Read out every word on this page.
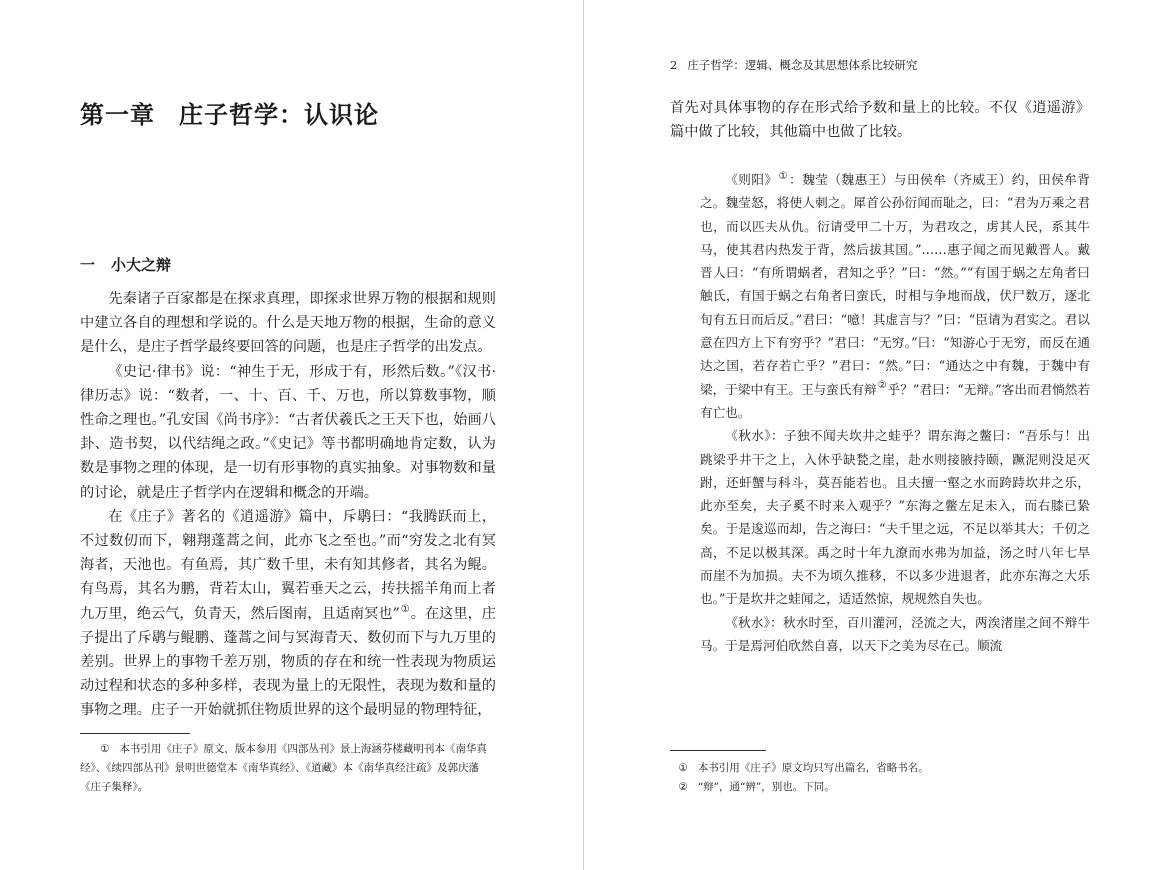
第一章 庄子哲学：认识论
一 小大之辩

先秦诸子百家都是在探求真理，即探求世界万物的根据和规则中建立各自的理想和学说的。什么是天地万物的根据，生命的意义是什么，是庄子哲学最终要回答的问题，也是庄子哲学的出发点。

《史记·律书》说：“神生于无，形成于有，形然后数。”《汉书·律历志》说：“数者，一、十、百、千、万也，所以算数事物，顺性命之理也。”孔安国《尚书序》：“古者伏羲氏之王天下也，始画八卦、造书契，以代结绳之政。”《史记》等书都明确地肯定数，认为数是事物之理的体现，是一切有形事物的真实抽象。对事物数和量的讨论，就是庄子哲学内在逻辑和概念的开端。

在《庄子》著名的《逍遥游》篇中，斥鹖曰：“我腾跃而上，不过数仞而下，翱翔蓬蒿之间，此亦飞之至也。”而“穷发之北有冥海者，天池也。有鱼焉，其广数千里，未有知其修者，其名为鲲。有鸟焉，其名为鹏，背若太山，翼若垂天之云，抟扶摇羊角而上者九万里，绝云气，负青天，然后图南，且适南冥也”①。在这里，庄子提出了斥鹖与鲲鹏、蓬蒿之间与冥海青天、数仞而下与九万里的差别。世界上的事物千差万别，物质的存在和统一性表现为物质运动过程和状态的多种多样，表现为量上的无限性，表现为数和量的事物之理。庄子一开始就抓住物质世界的这个最明显的物理特征，

① 本书引用《庄子》原文，版本参用《四部丛刊》景上海涵芬楼藏明刊本《南华真经》、《续四部丛刊》景明世德堂本《南华真经》、《道藏》本《南华真经注疏》及郭庆藩《庄子集释》。

2 庄子哲学：逻辑、概念及其思想体系比较研究

首先对具体事物的存在形式给予数和量上的比较。不仅《逍遥游》篇中做了比较，其他篇中也做了比较。

《则阳》①：魏莹（魏惠王）与田侯牟（齐威王）约，田侯牟背之。魏莹怒，将使人刺之。犀首公孙衍闻而耻之，曰：“君为万乘之君也，而以匹夫从仇。衍请受甲二十万，为君攻之，虏其人民，系其牛马，使其君内热发于背，然后拔其国。”……惠子闻之而见戴晋人。戴晋人曰：“有所谓蜗者，君知之乎？”曰：“然。”“有国于蜗之左角者曰触氏，有国于蜗之右角者曰蛮氏，时相与争地而战，伏尸数万，逐北旬有五日而后反。”君曰：“噫！其虚言与？”曰：“臣请为君实之。君以意在四方上下有穷乎？”君曰：“无穷。”曰：“知游心于无穷，而反在通达之国，若存若亡乎？”君曰：“然。”曰：“通达之中有魏，于魏中有梁，于梁中有王。王与蛮氏有辩②乎？”君曰：“无辩。”客出而君惝然若有亡也。

《秋水》：子独不闻夫坎井之蛙乎？谓东海之鳖曰：“吾乐与！出跳梁乎井干之上，入休乎缺甃之崖，赴水则接腋持颐，蹶泥则没足灭跗，还虷蟹与科斗，莫吾能若也。且夫擅一壑之水而跨跱坎井之乐，此亦至矣，夫子奚不时来入观乎？”东海之鳖左足未入，而右膝已絷矣。于是逡巡而却，告之海曰：“夫千里之远，不足以举其大；千仞之高，不足以极其深。禹之时十年九潦而水弗为加益，汤之时八年七旱而崖不为加损。夫不为顷久推移，不以多少进退者，此亦东海之大乐也。”于是坎井之蛙闻之，适适然惊，规规然自失也。

《秋水》：秋水时至，百川灌河，泾流之大，两涘渚崖之间不辩牛马。于是焉河伯欣然自喜，以天下之美为尽在己。顺流

① 本书引用《庄子》原文均只写出篇名，省略书名。

② “辩”，通“辨”，别也。下同。
